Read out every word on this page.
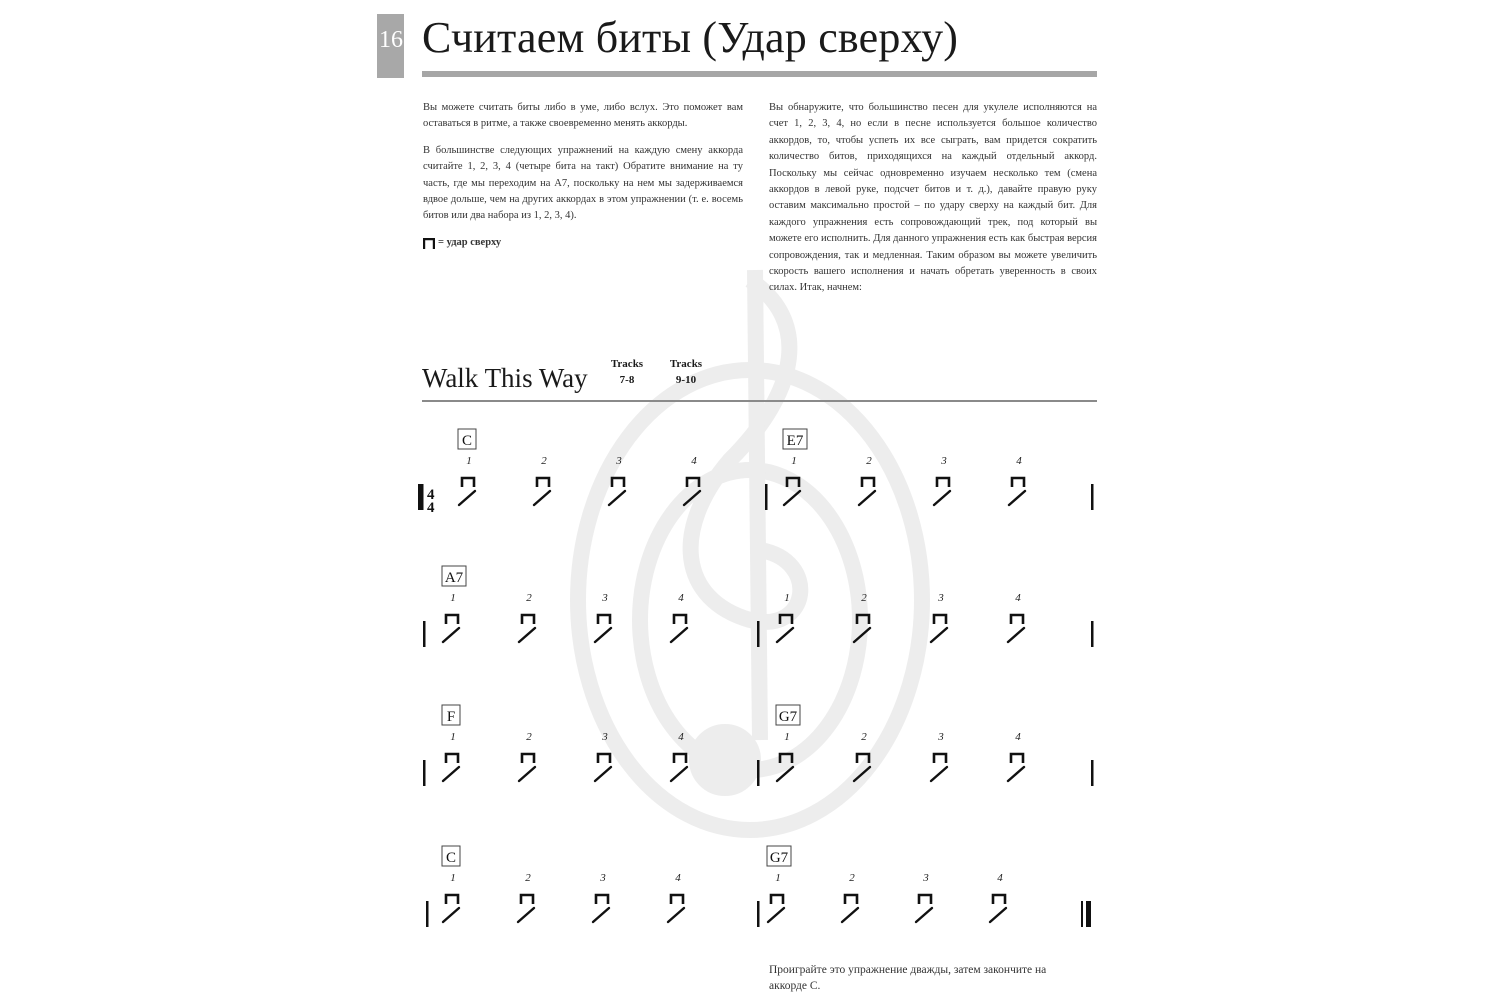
16 Считаем биты (Удар сверху)

Вы можете считать биты либо в уме, либо вслух. Это поможет вам оставаться в ритме, а также своевременно менять аккорды.

В большинстве следующих упражнений на каждую смену аккорда считайте 1, 2, 3, 4 (четыре бита на такт) Обратите внимание на ту часть, где мы переходим на A7, поскольку на нем мы задерживаемся вдвое дольше, чем на других аккордах в этом упражнении (т. е. восемь битов или два набора из 1, 2, 3, 4).

= удар сверху

Вы обнаружите, что большинство песен для укулеле исполняются на счет 1, 2, 3, 4, но если в песне используется большое количество аккордов, то, чтобы успеть их все сыграть, вам придется сократить количество битов, приходящихся на каждый отдельный аккорд. Поскольку мы сейчас одновременно изучаем несколько тем (смена аккордов в левой руке, подсчет битов и т. д.), давайте правую руку оставим максимально простой – по удару сверху на каждый бит. Для каждого упражнения есть сопровождающий трек, под который вы можете его исполнить. Для данного упражнения есть как быстрая версия сопровождения, так и медленная. Таким образом вы можете увеличить скорость вашего исполнения и начать обретать уверенность в своих силах. Итак, начнем:

Walk This Way	Tracks
7-8
Tracks
9-10
4
4
C
1	2	3	4
E7
1	2	3	4
A7
1	2	3	4	1	2	3	4
F
1	2	3	4
G7
1	2	3	4
C
1	2	3	4
G7
1	2	3	4
Проиграйте это упражнение дважды, затем закончите на аккорде C.
